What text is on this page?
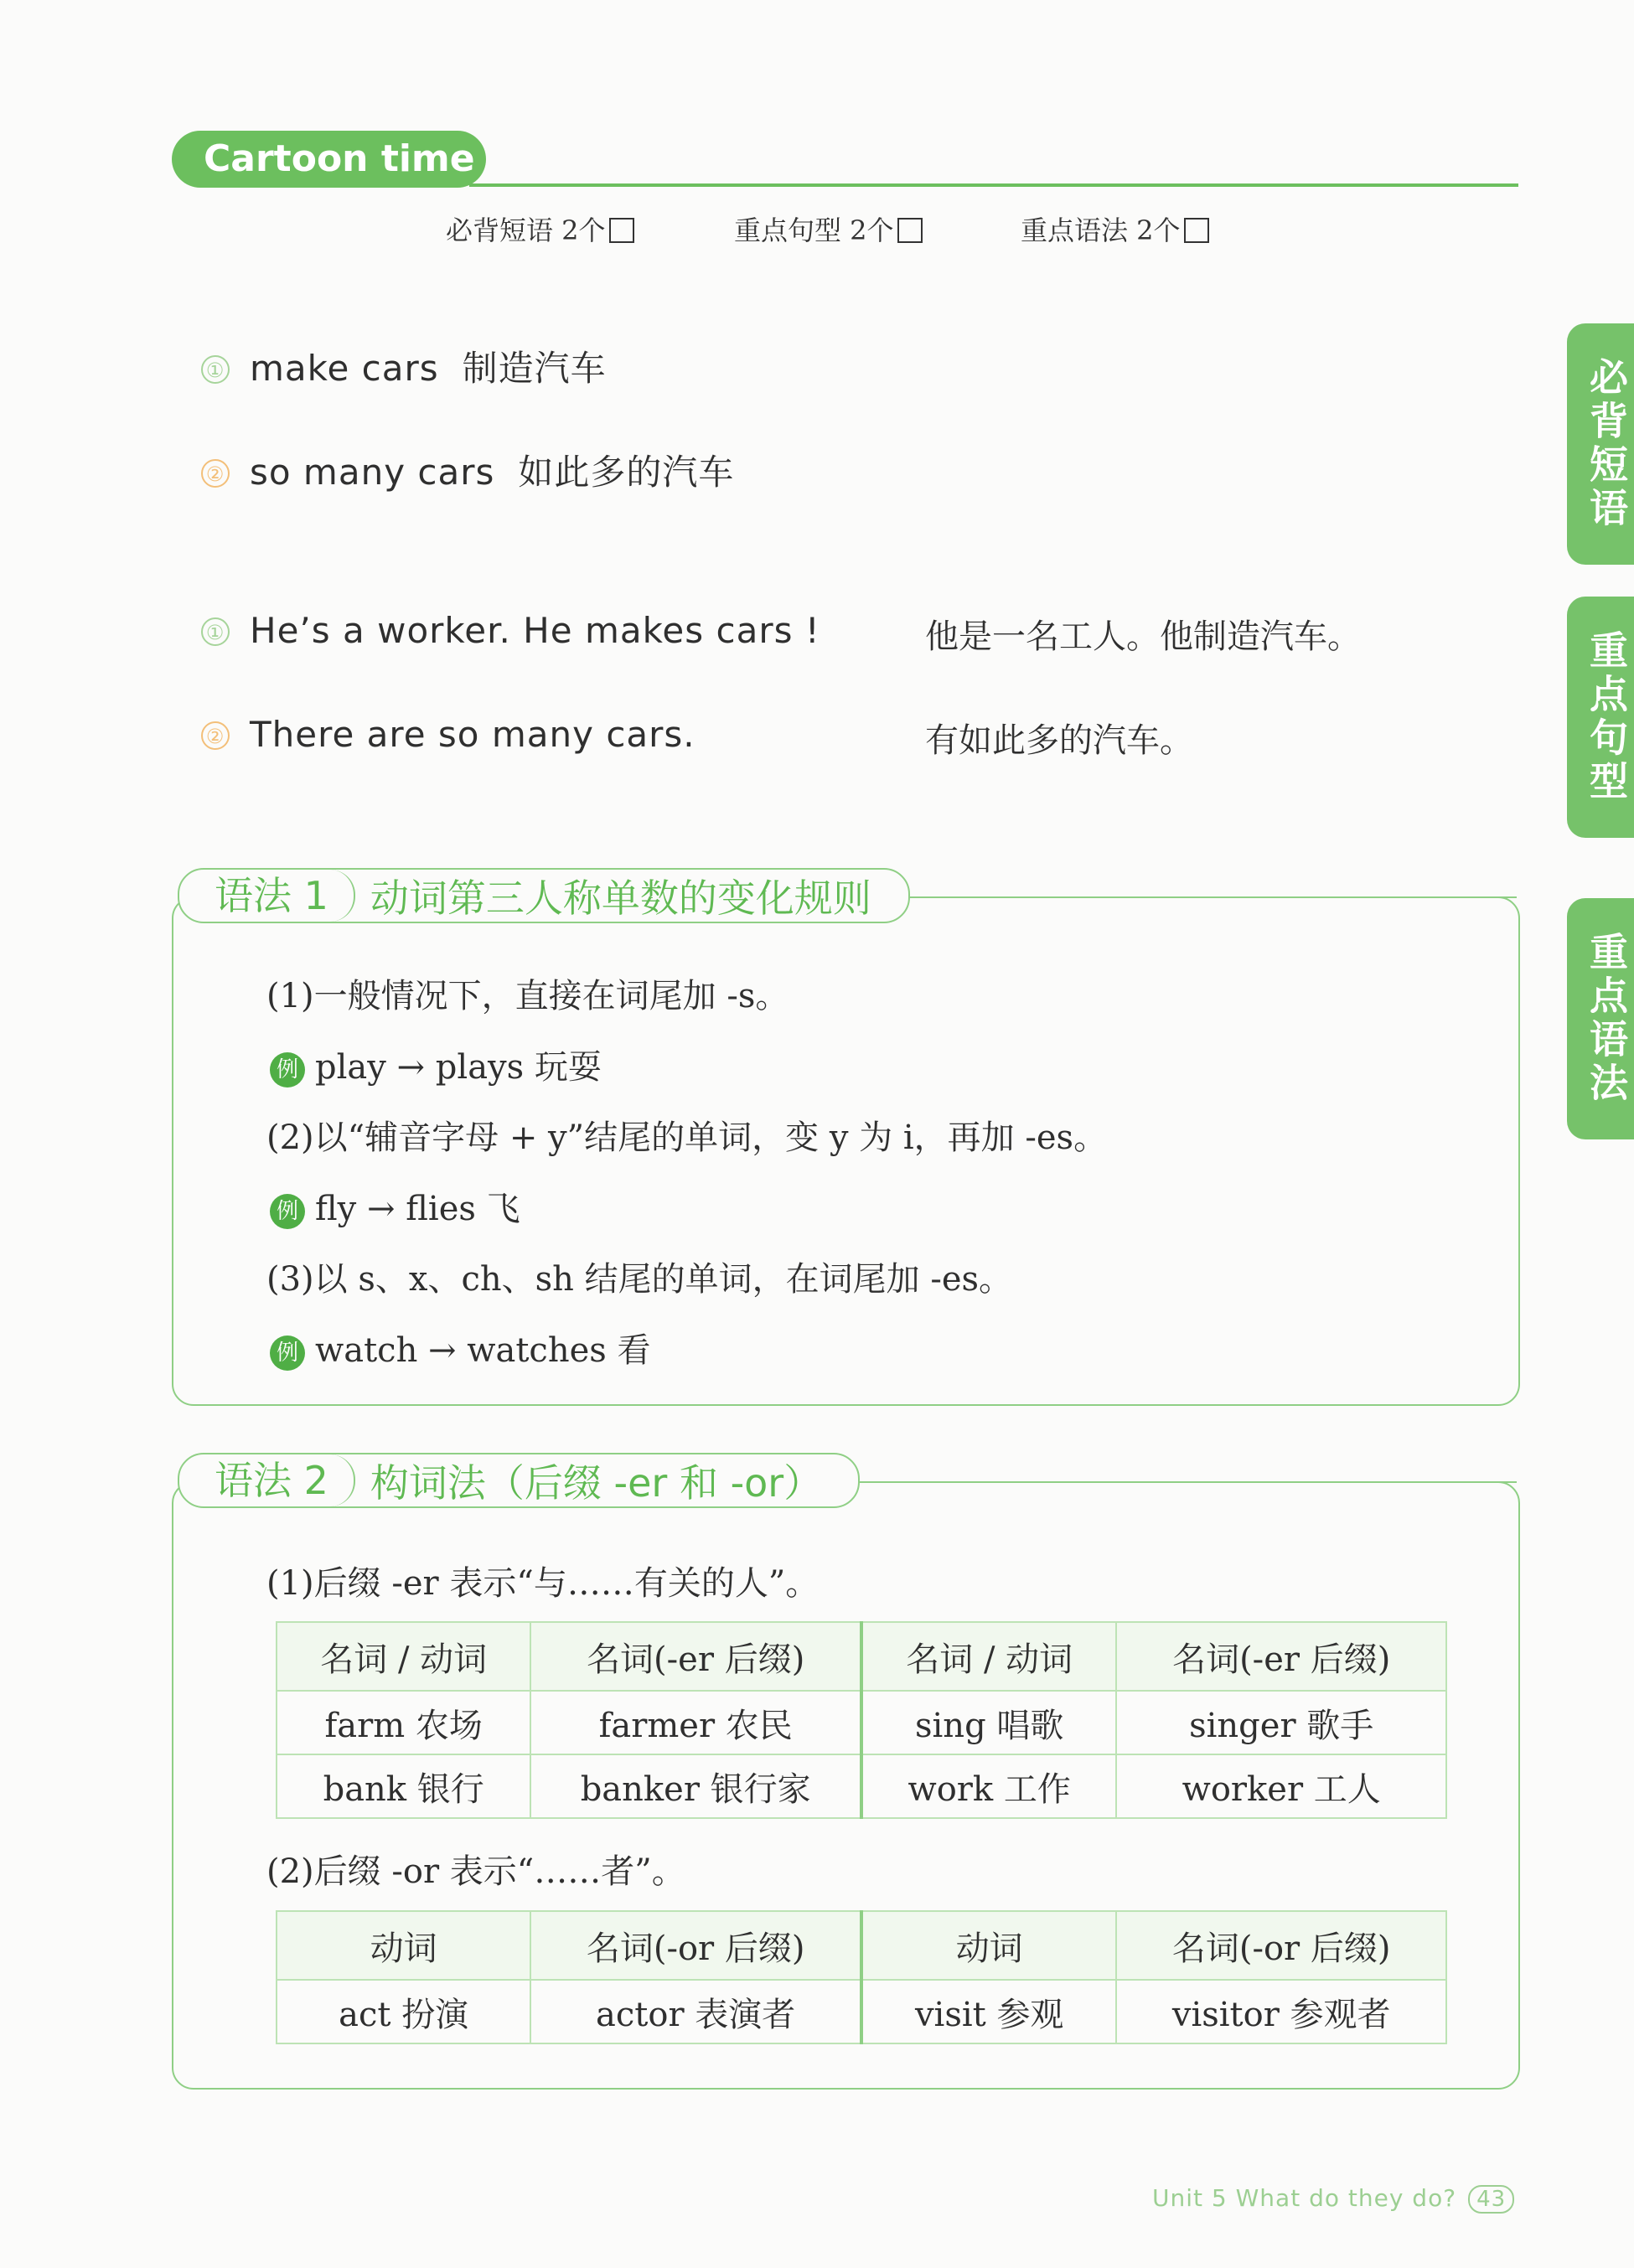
Cartoon time
必背短语 2个	重点句型 2个	重点语法 2个
① make cars 制造汽车
② so many cars 如此多的汽车
① He’s a worker. He makes cars !	他是一名工人。他制造汽车。
② There are so many cars.	有如此多的汽车。
语法 1	动词第三人称单数的变化规则
(1)一般情况下，直接在词尾加 -s。
例 play → plays 玩耍
(2)以“辅音字母 + y”结尾的单词，变 y 为 i，再加 -es。
例 fly → flies 飞
(3)以 s、x、ch、sh 结尾的单词，在词尾加 -es。
例 watch → watches 看
语法 2	构词法（后缀 -er 和 -or）
(1)后缀 -er 表示“与……有关的人”。
名词 / 动词	名词(-er 后缀)	名词 / 动词	名词(-er 后缀)
farm 农场	farmer 农民	sing 唱歌	singer 歌手
bank 银行	banker 银行家	work 工作	worker 工人
(2)后缀 -or 表示“……者”。
动词	名词(-or 后缀)	动词	名词(-or 后缀)
act 扮演	actor 表演者	visit 参观	visitor 参观者
必背短语
重点句型
重点语法
Unit 5 What do they do? 43
